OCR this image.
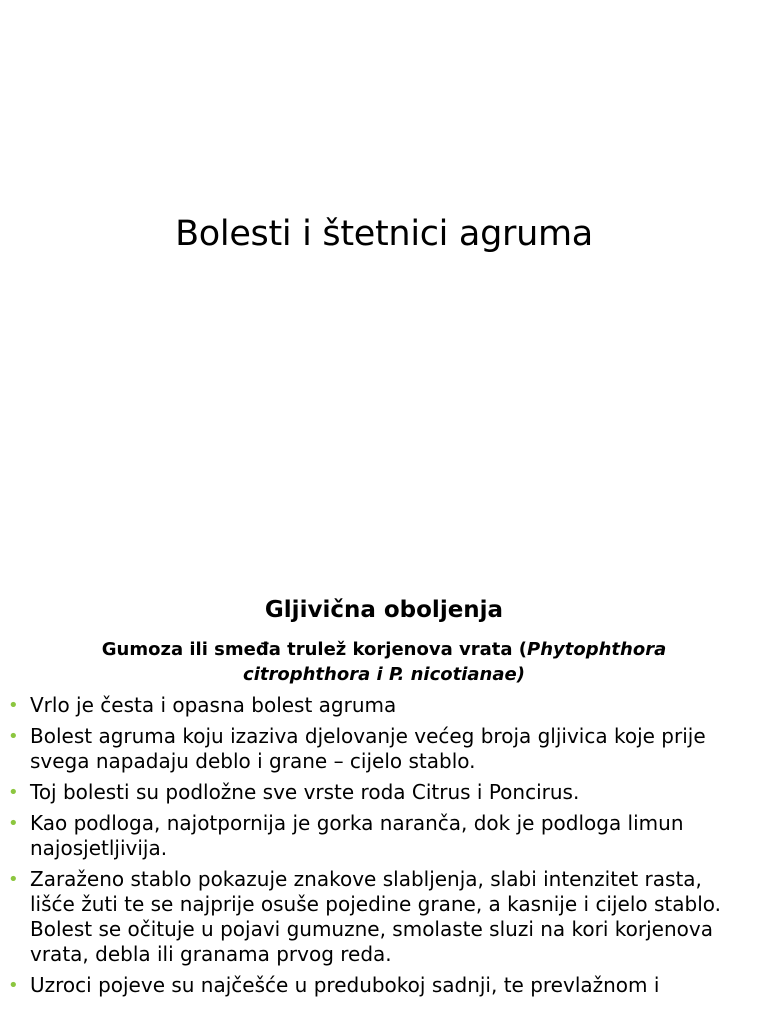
Bolesti i štetnici agruma
Gljivična oboljenja

Gumoza ili smeđa trulež korjenova vrata (Phytophthora citrophthora i P. nicotianae)

• Vrlo je česta i opasna bolest agruma
• Bolest agruma koju izaziva djelovanje većeg broja gljivica koje prije svega napadaju deblo i grane – cijelo stablo.
• Toj bolesti su podložne sve vrste roda Citrus i Poncirus.
• Kao podloga, najotpornija je gorka naranča, dok je podloga limun najosjetljivija.
• Zaraženo stablo pokazuje znakove slabljenja, slabi intenzitet rasta, lišće žuti te se najprije osuše pojedine grane, a kasnije i cijelo stablo. Bolest se očituje u pojavi gumuzne, smolaste sluzi na kori korjenova vrata, debla ili granama prvog reda.
• Uzroci pojeve su najčešće u predubokoj sadnji, te prevlažnom i
